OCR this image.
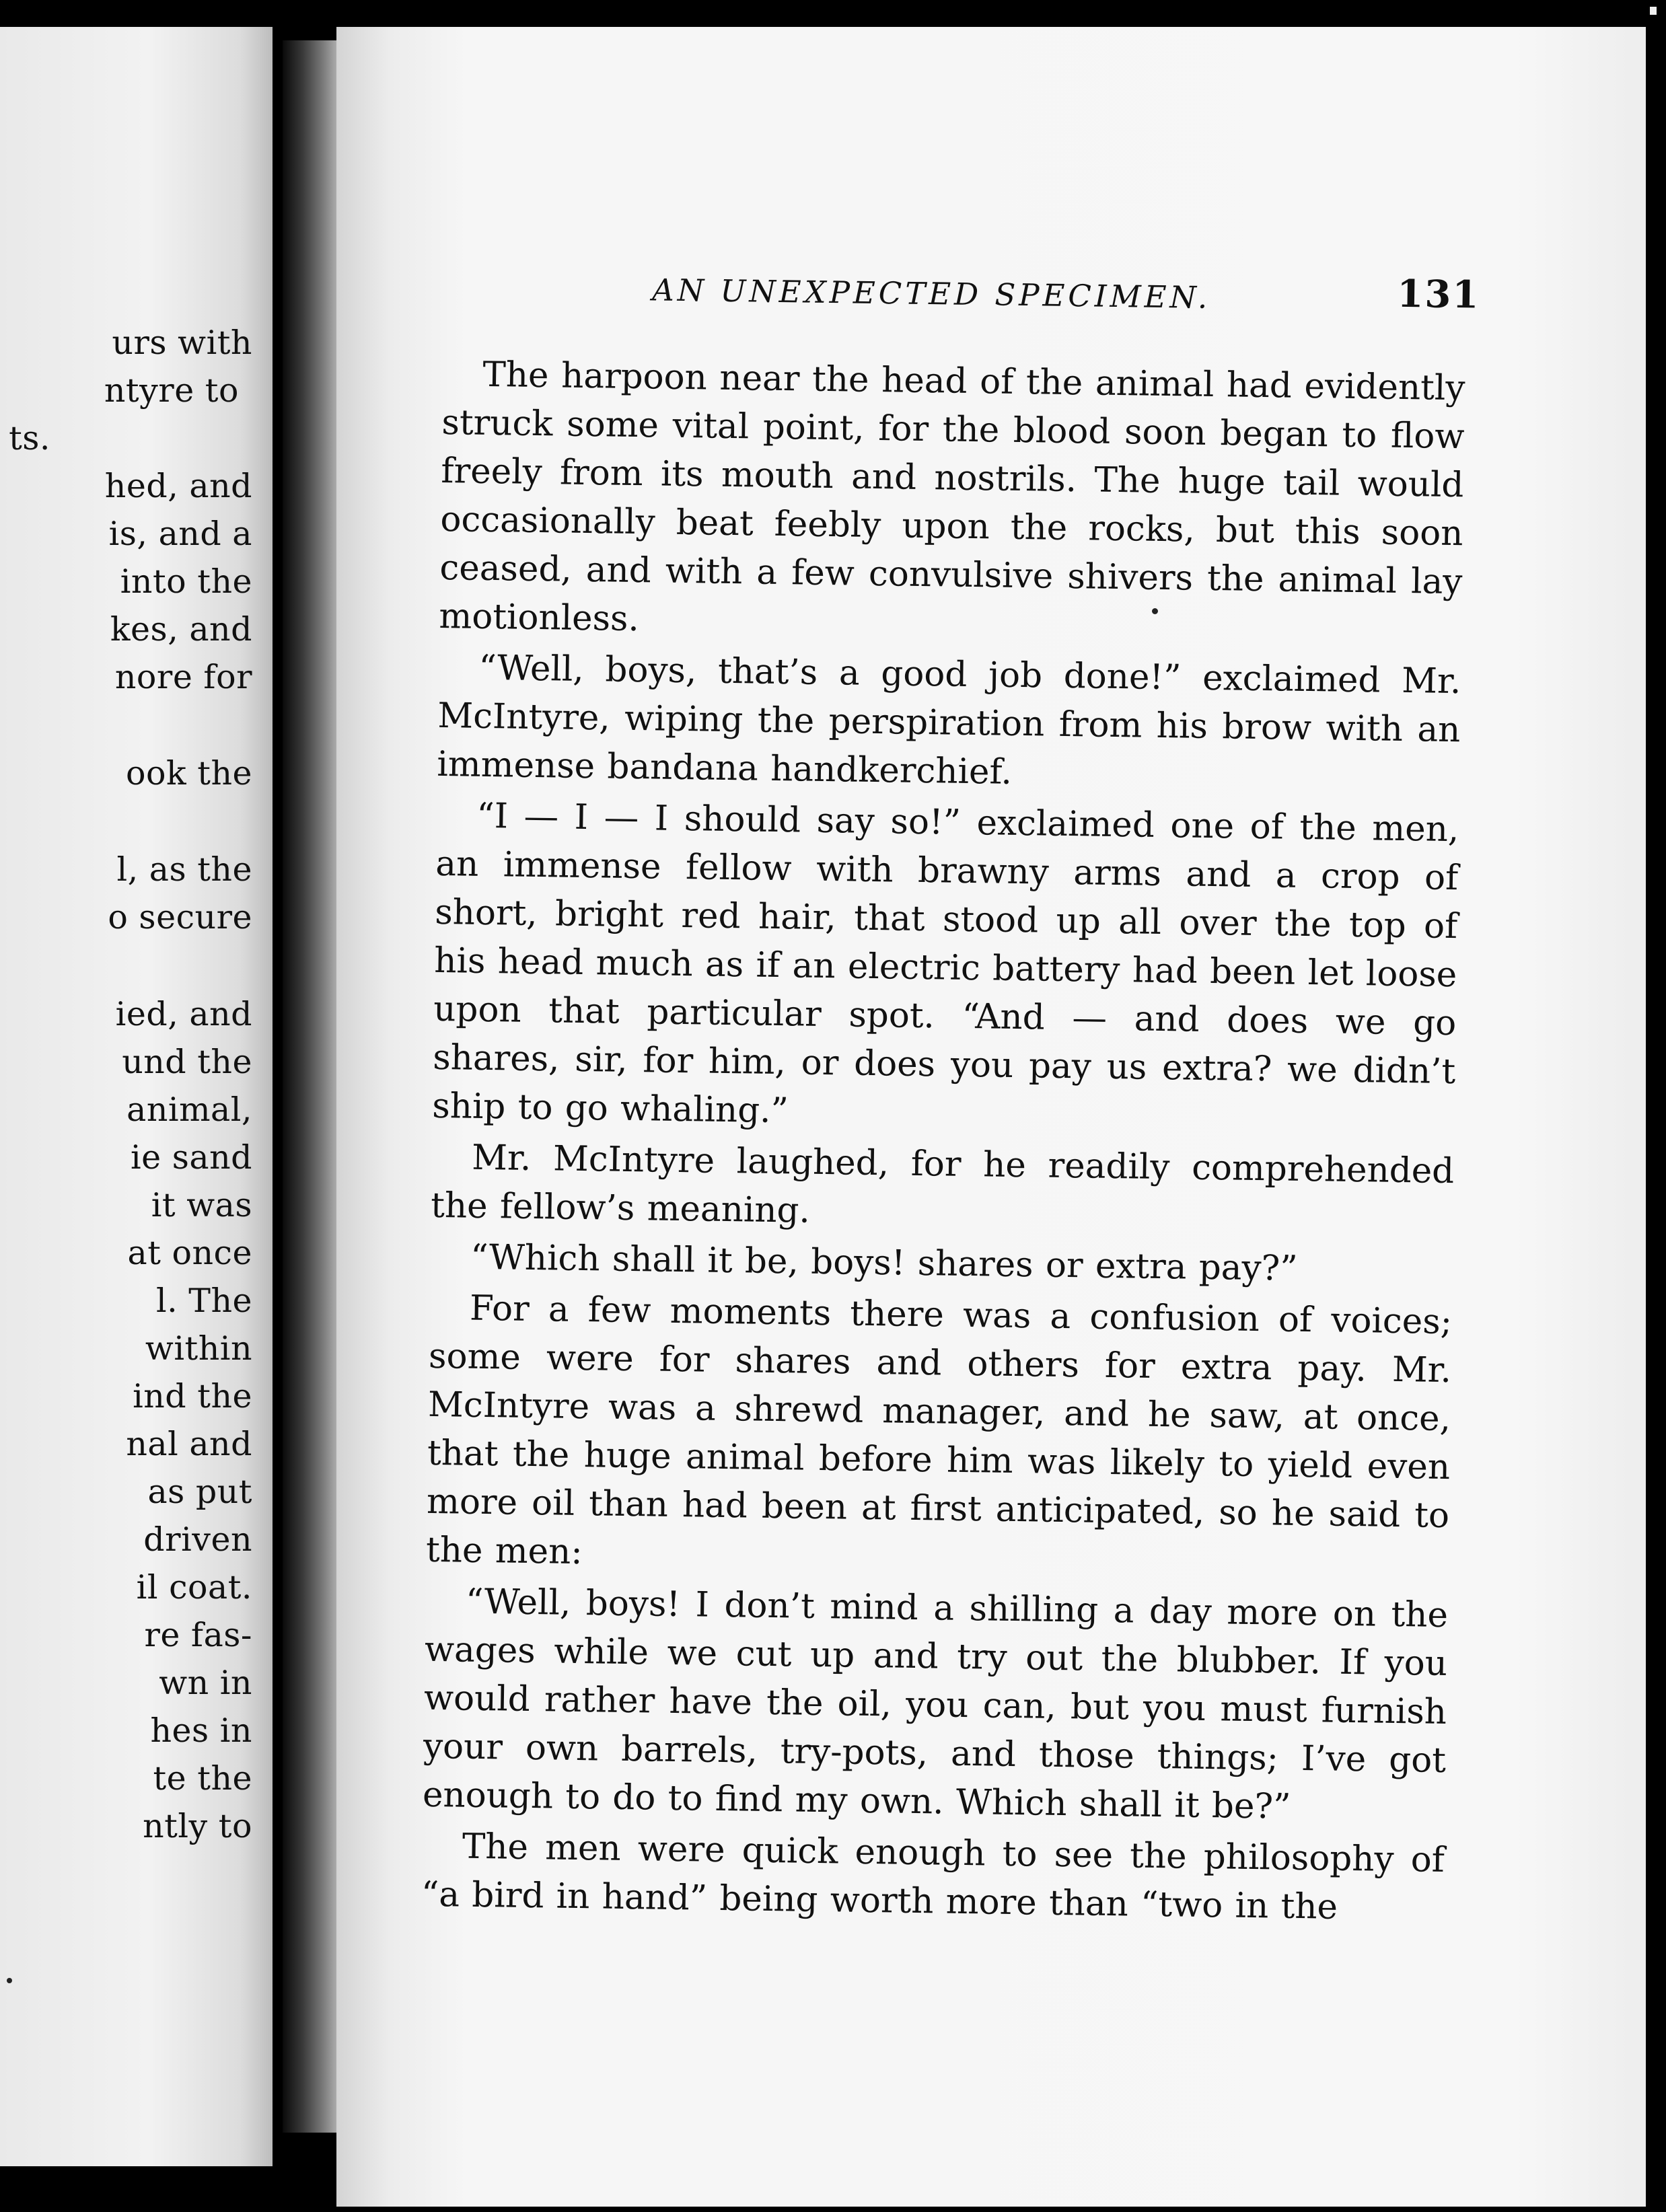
urs with
ntyre to
ts.
hed, and
is, and a
into the
kes, and
nore for
ook the
l, as the
o secure
ied, and
und the
animal,
ie sand
it was
at once
l. The
within
ind the
nal and
as put
driven
il coat.
re fas-
wn in
hes in
te the
ntly to
AN UNEXPECTED SPECIMEN.	131

The harpoon near the head of the animal had evidently struck some vital point, for the blood soon began to flow freely from its mouth and nostrils. The huge tail would occasionally beat feebly upon the rocks, but this soon ceased, and with a few convulsive shivers the animal lay motionless.

“Well, boys, that’s a good job done!” exclaimed Mr. McIntyre, wiping the perspiration from his brow with an immense bandana handkerchief.

“I — I — I should say so!” exclaimed one of the men, an immense fellow with brawny arms and a crop of short, bright red hair, that stood up all over the top of his head much as if an electric battery had been let loose upon that particular spot. “And — and does we go shares, sir, for him, or does you pay us extra? we didn’t ship to go whaling.”

Mr. McIntyre laughed, for he readily comprehended the fellow’s meaning.

“Which shall it be, boys! shares or extra pay?”

For a few moments there was a confusion of voices; some were for shares and others for extra pay. Mr. McIntyre was a shrewd manager, and he saw, at once, that the huge animal before him was likely to yield even more oil than had been at first anticipated, so he said to the men:

“Well, boys! I don’t mind a shilling a day more on the wages while we cut up and try out the blubber. If you would rather have the oil, you can, but you must furnish your own barrels, try-pots, and those things; I’ve got enough to do to find my own. Which shall it be?”

The men were quick enough to see the philosophy of “a bird in hand” being worth more than “two in the
